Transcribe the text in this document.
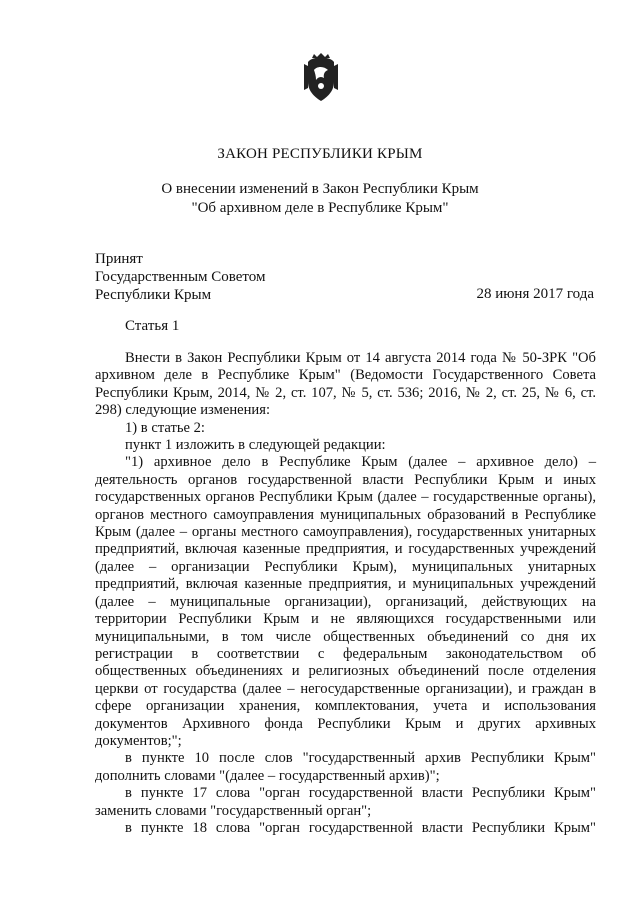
ЗАКОН РЕСПУБЛИКИ КРЫМ
О внесении изменений в Закон Республики Крым
"Об архивном деле в Республике Крым"
Принят
Государственным Советом
Республики Крым	28 июня 2017 года
Статья 1

Внести в Закон Республики Крым от 14 августа 2014 года № 50-ЗРК "Об архивном деле в Республике Крым" (Ведомости Государственного Совета Республики Крым, 2014, № 2, ст. 107, № 5, ст. 536; 2016, № 2, ст. 25, № 6, ст. 298) следующие изменения:

1) в статье 2:

пункт 1 изложить в следующей редакции:

"1) архивное дело в Республике Крым (далее – архивное дело) – деятельность органов государственной власти Республики Крым и иных государственных органов Республики Крым (далее – государственные органы), органов местного самоуправления муниципальных образований в Республике Крым (далее – органы местного самоуправления), государственных унитарных предприятий, включая казенные предприятия, и государственных учреждений (далее – организации Республики Крым), муниципальных унитарных предприятий, включая казенные предприятия, и муниципальных учреждений (далее – муниципальные организации), организаций, действующих на территории Республики Крым и не являющихся государственными или муниципальными, в том числе общественных объединений со дня их регистрации в соответствии с федеральным законодательством об общественных объединениях и религиозных объединений после отделения церкви от государства (далее – негосударственные организации), и граждан в сфере организации хранения, комплектования, учета и использования документов Архивного фонда Республики Крым и других архивных документов;";

в пункте 10 после слов "государственный архив Республики Крым" дополнить словами "(далее – государственный архив)";

в пункте 17 слова "орган государственной власти Республики Крым" заменить словами "государственный орган";

в пункте 18 слова "орган государственной власти Республики Крым"
